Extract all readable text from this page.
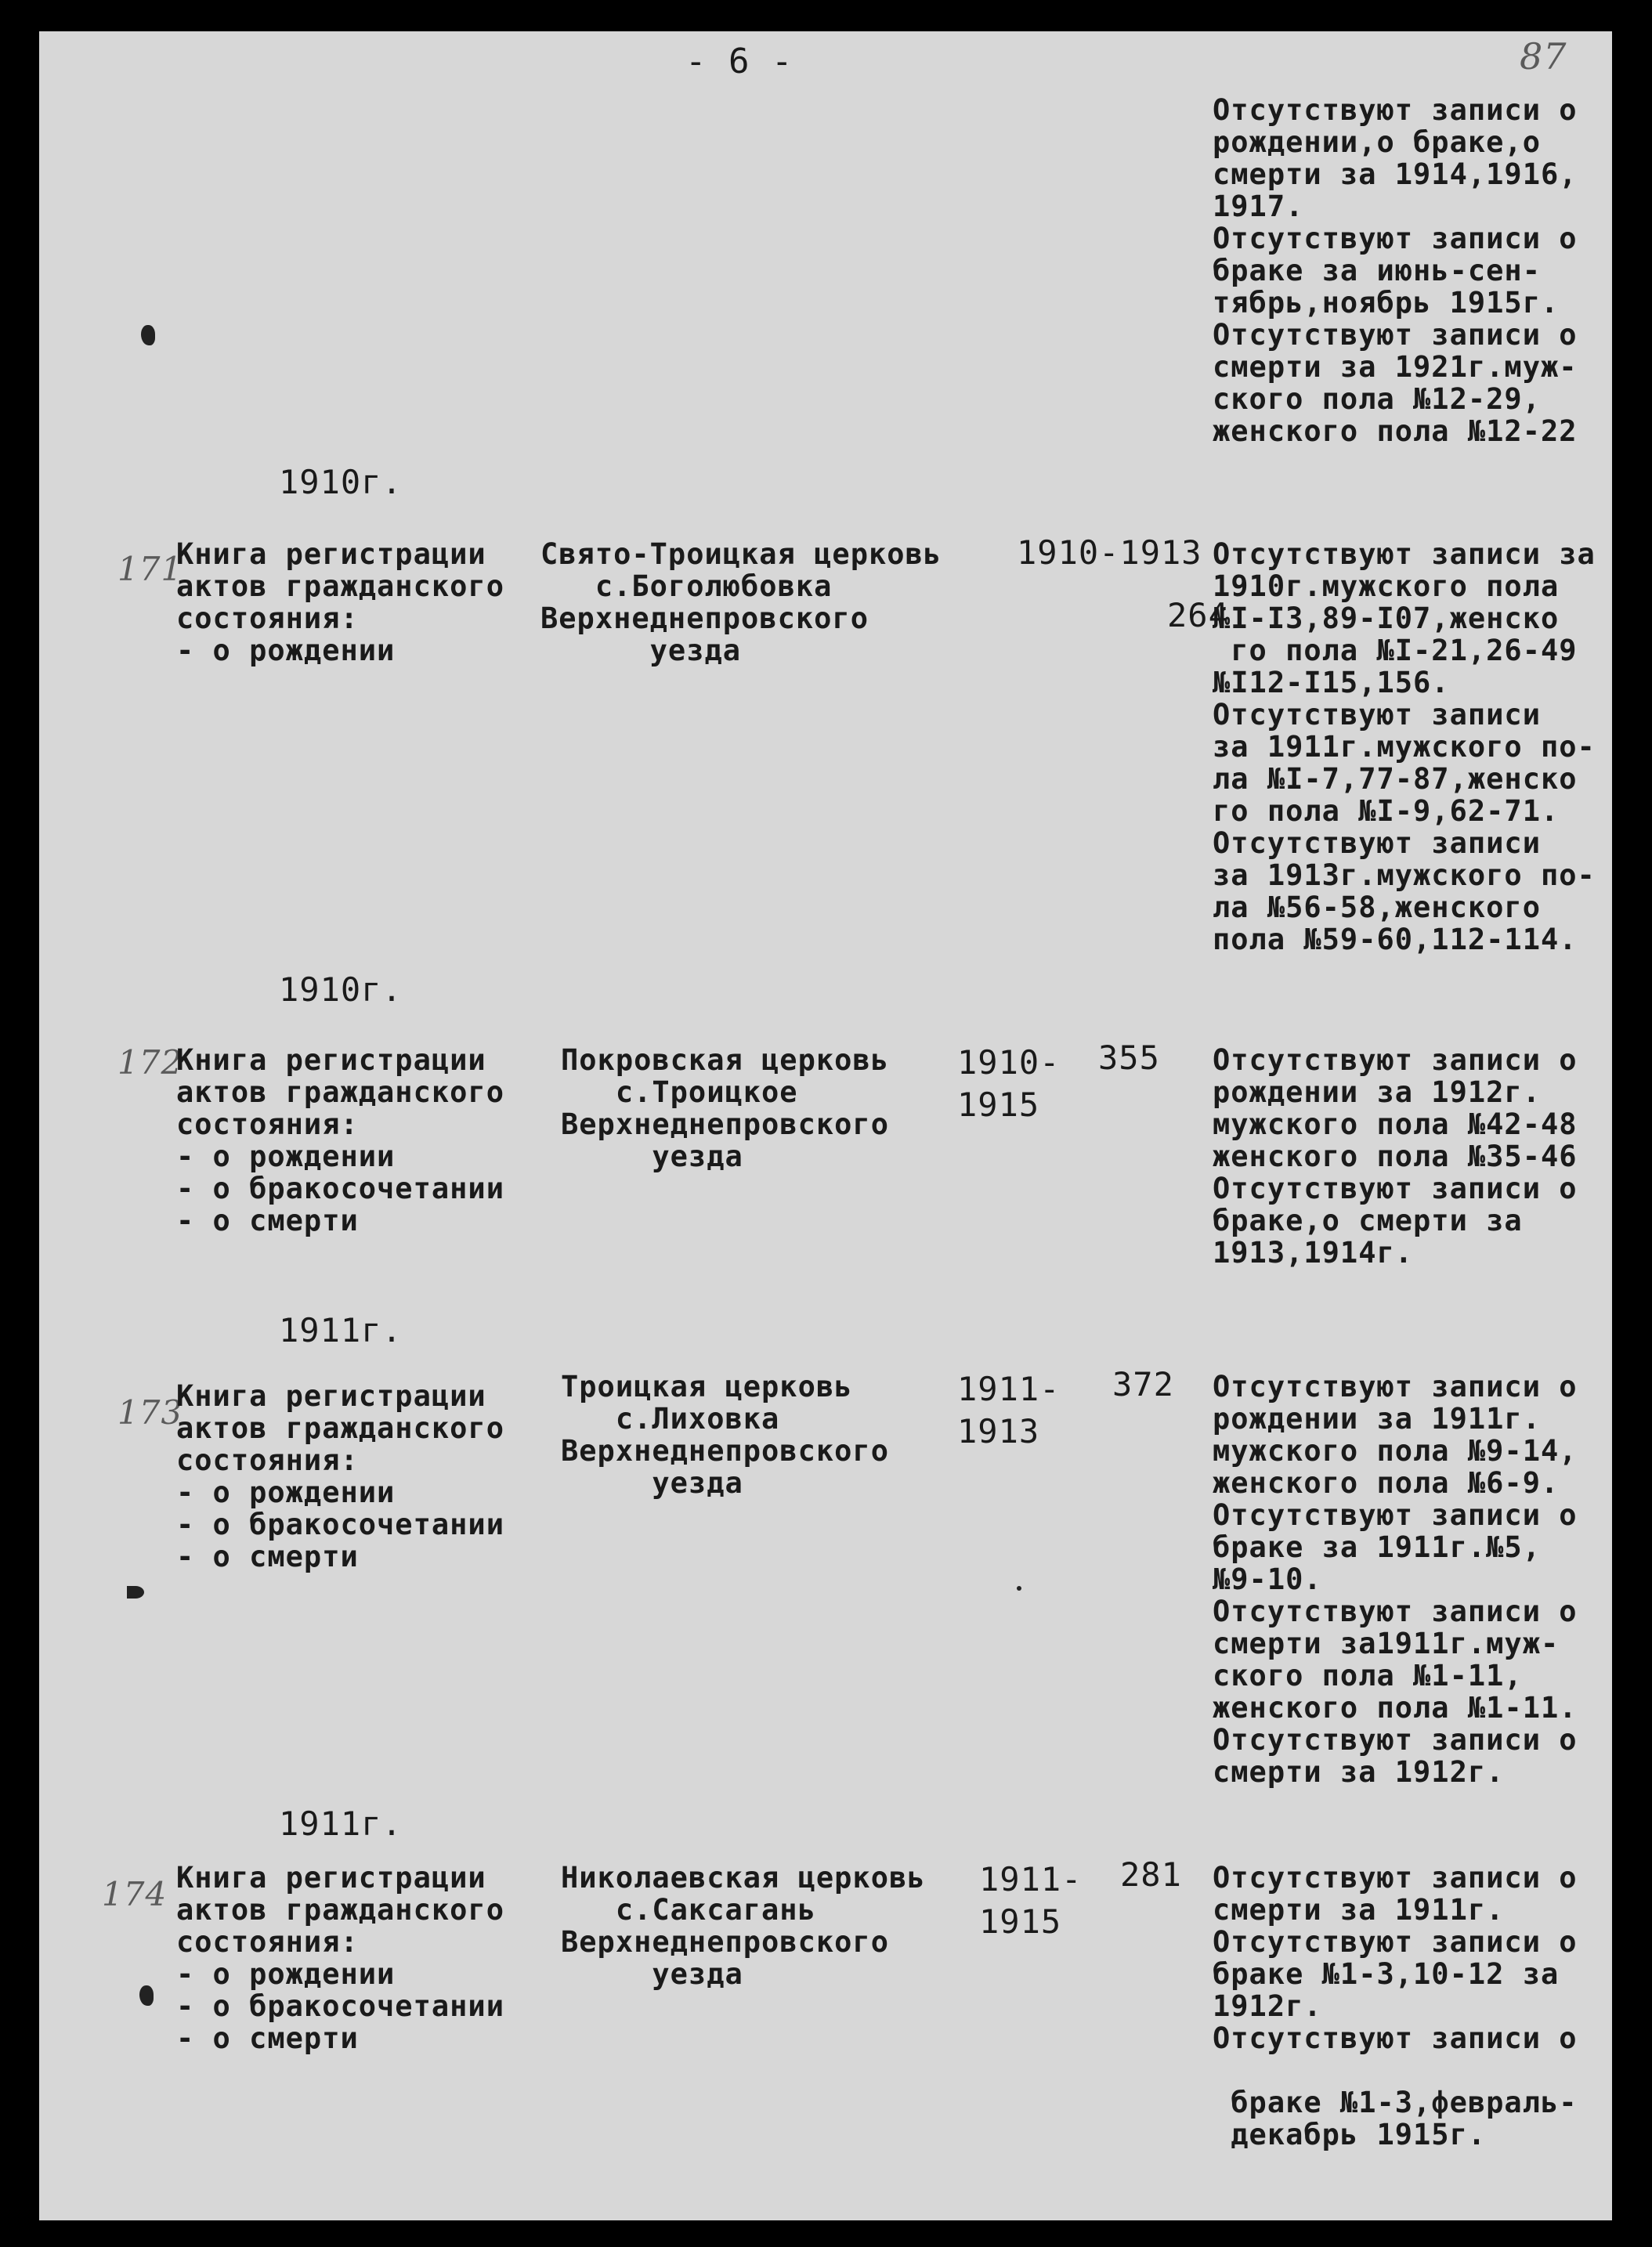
- 6 -	87
Отсутствуют записи о
рождении,о браке,о
смерти за 1914,1916,
1917.
Отсутствуют записи о
браке за июнь-сен-
тябрь,ноябрь 1915г.
Отсутствуют записи о
смерти за 1921г.муж-
ского пола №12-29,
женского пола №12-22
1910г.
171
Книга регистрации
актов гражданского
состояния:
- о рождении
Свято-Троицкая церковь
с.Боголюбовка
Верхнеднепровского
уезда
1910-1913
264
Отсутствуют записи за
1910г.мужского пола
№I-I3,89-I07,женско
го пола №I-21,26-49
№I12-I15,156.
Отсутствуют записи
за 1911г.мужского по-
ла №I-7,77-87,женско
го пола №I-9,62-71.
Отсутствуют записи
за 1913г.мужского по-
ла №56-58,женского
пола №59-60,112-114.
1910г.
172
Книга регистрации
актов гражданского
состояния:
- о рождении
- о бракосочетании
- о смерти
Покровская церковь
с.Троицкое
Верхнеднепровского
уезда
1910-
1915
355 Отсутствуют записи о
рождении за 1912г.
мужского пола №42-48
женского пола №35-46
Отсутствуют записи о
браке,о смерти за
1913,1914г.
1911г.
173
Книга регистрации
актов гражданского
состояния:
- о рождении
- о бракосочетании
- о смерти
Троицкая церковь
с.Лиховка
Верхнеднепровского
уезда
1911-
1913
372 Отсутствуют записи о
рождении за 1911г.
мужского пола №9-14,
женского пола №6-9.
Отсутствуют записи о
браке за 1911г.№5,
№9-10.
Отсутствуют записи о
смерти за1911г.муж-
ского пола №1-11,
женского пола №1-11.
Отсутствуют записи о
смерти за 1912г.
1911г.
174 Книга регистрации
актов гражданского
состояния:
- о рождении
- о бракосочетании
- о смерти
Николаевская церковь
с.Саксагань
Верхнеднепровского
уезда
1911-
1915
281 Отсутствуют записи о
смерти за 1911г.
Отсутствуют записи о
браке №1-3,10-12 за
1912г.
Отсутствуют записи о

браке №1-3,февраль-
декабрь 1915г.
